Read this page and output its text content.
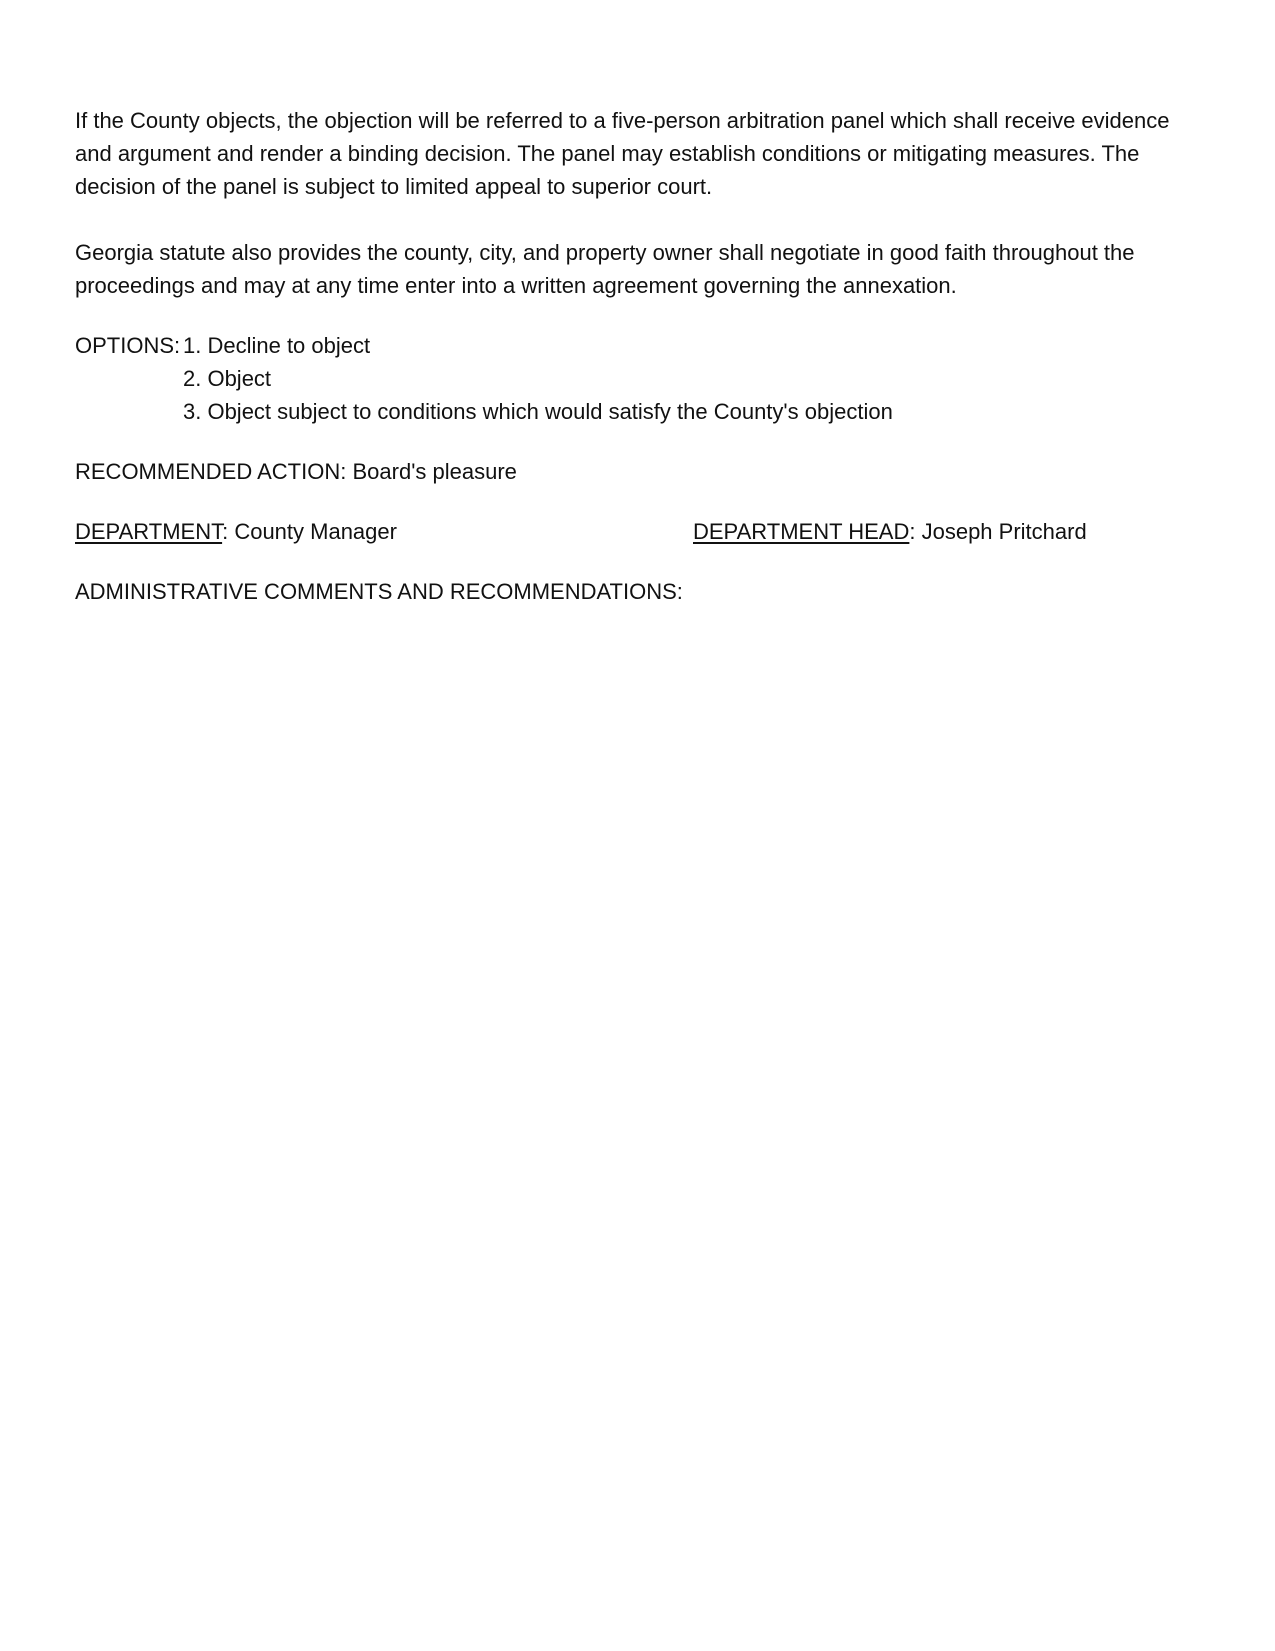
If the County objects, the objection will be referred to a five-person arbitration panel which shall receive evidence and argument and render a binding decision. The panel may establish conditions or mitigating measures. The decision of the panel is subject to limited appeal to superior court.

Georgia statute also provides the county, city, and property owner shall negotiate in good faith throughout the proceedings and may at any time enter into a written agreement governing the annexation.

OPTIONS: 1. Decline to object
2. Object
3. Object subject to conditions which would satisfy the County's objection

RECOMMENDED ACTION: Board's pleasure

DEPARTMENT: County Manager	DEPARTMENT HEAD: Joseph Pritchard

ADMINISTRATIVE COMMENTS AND RECOMMENDATIONS:
